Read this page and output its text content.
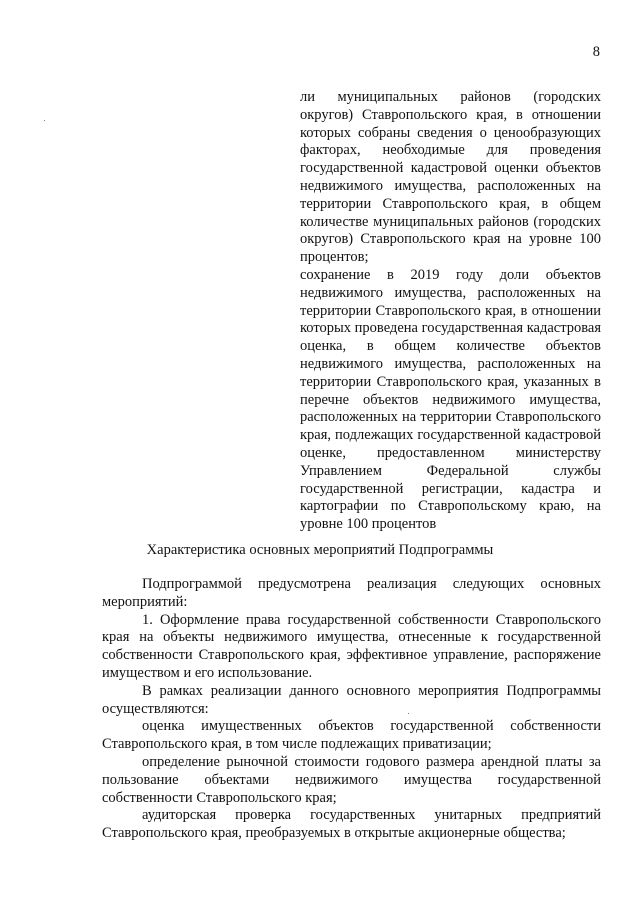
8

ли муниципальных районов (городских округов) Ставропольского края, в отношении которых собраны сведения о ценообразующих факторах, необходимые для проведения государственной кадастровой оценки объектов недвижимого имущества, расположенных на территории Ставропольского края, в общем количестве муниципальных районов (городских округов) Ставропольского края на уровне 100 процентов;

сохранение в 2019 году доли объектов недвижимого имущества, расположенных на территории Ставропольского края, в отношении которых проведена государственная кадастровая оценка, в общем количестве объектов недвижимого имущества, расположенных на территории Ставропольского края, указанных в перечне объектов недвижимого имущества, расположенных на территории Ставропольского края, подлежащих государственной кадастровой оценке, предоставленном министерству Управлением Федеральной службы государственной регистрации, кадастра и картографии по Ставропольскому краю, на уровне 100 процентов

Характеристика основных мероприятий Подпрограммы

Подпрограммой предусмотрена реализация следующих основных мероприятий:

1. Оформление права государственной собственности Ставропольского края на объекты недвижимого имущества, отнесенные к государственной собственности Ставропольского края, эффективное управление, распоряжение имуществом и его использование.

В рамках реализации данного основного мероприятия Подпрограммы осуществляются:

оценка имущественных объектов государственной собственности Ставропольского края, в том числе подлежащих приватизации;

определение рыночной стоимости годового размера арендной платы за пользование объектами недвижимого имущества государственной собственности Ставропольского края;

аудиторская проверка государственных унитарных предприятий Ставропольского края, преобразуемых в открытые акционерные общества;
